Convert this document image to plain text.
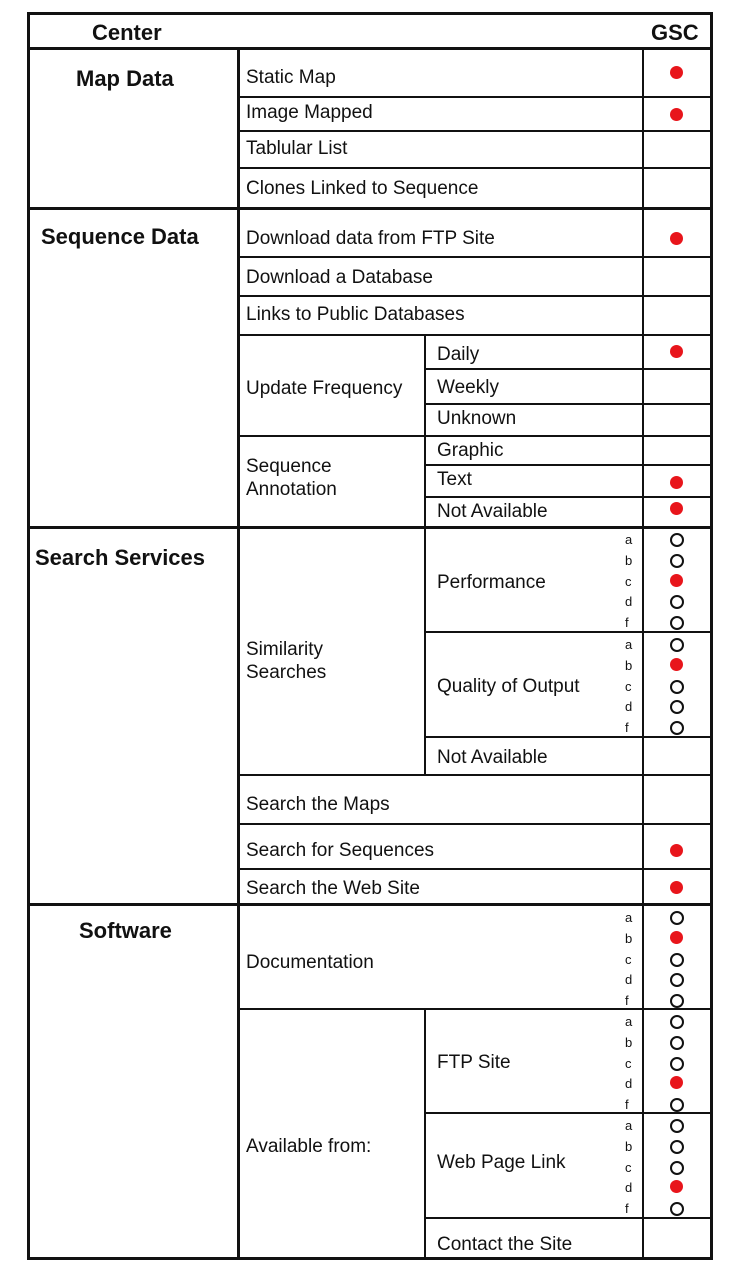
Center	GSC
Map Data
Sequence Data
Search Services
Software
Static Map
Image Mapped
Tablular List
Clones Linked to Sequence
Download data from FTP Site
Download a Database
Links to Public Databases
Update Frequency
Daily
Weekly
Unknown
Sequence
Annotation
Graphic
Text
Not Available
Similarity
Searches
Performance
Quality of Output
Not Available
Search the Maps
Search for Sequences
Search the Web Site
Documentation
Available from:
FTP Site
Web Page Link
Contact the Site
a
b
c
d
f
a
b
c
d
f
a
b
c
d
f
a
b
c
d
f
a
b
c
d
f
